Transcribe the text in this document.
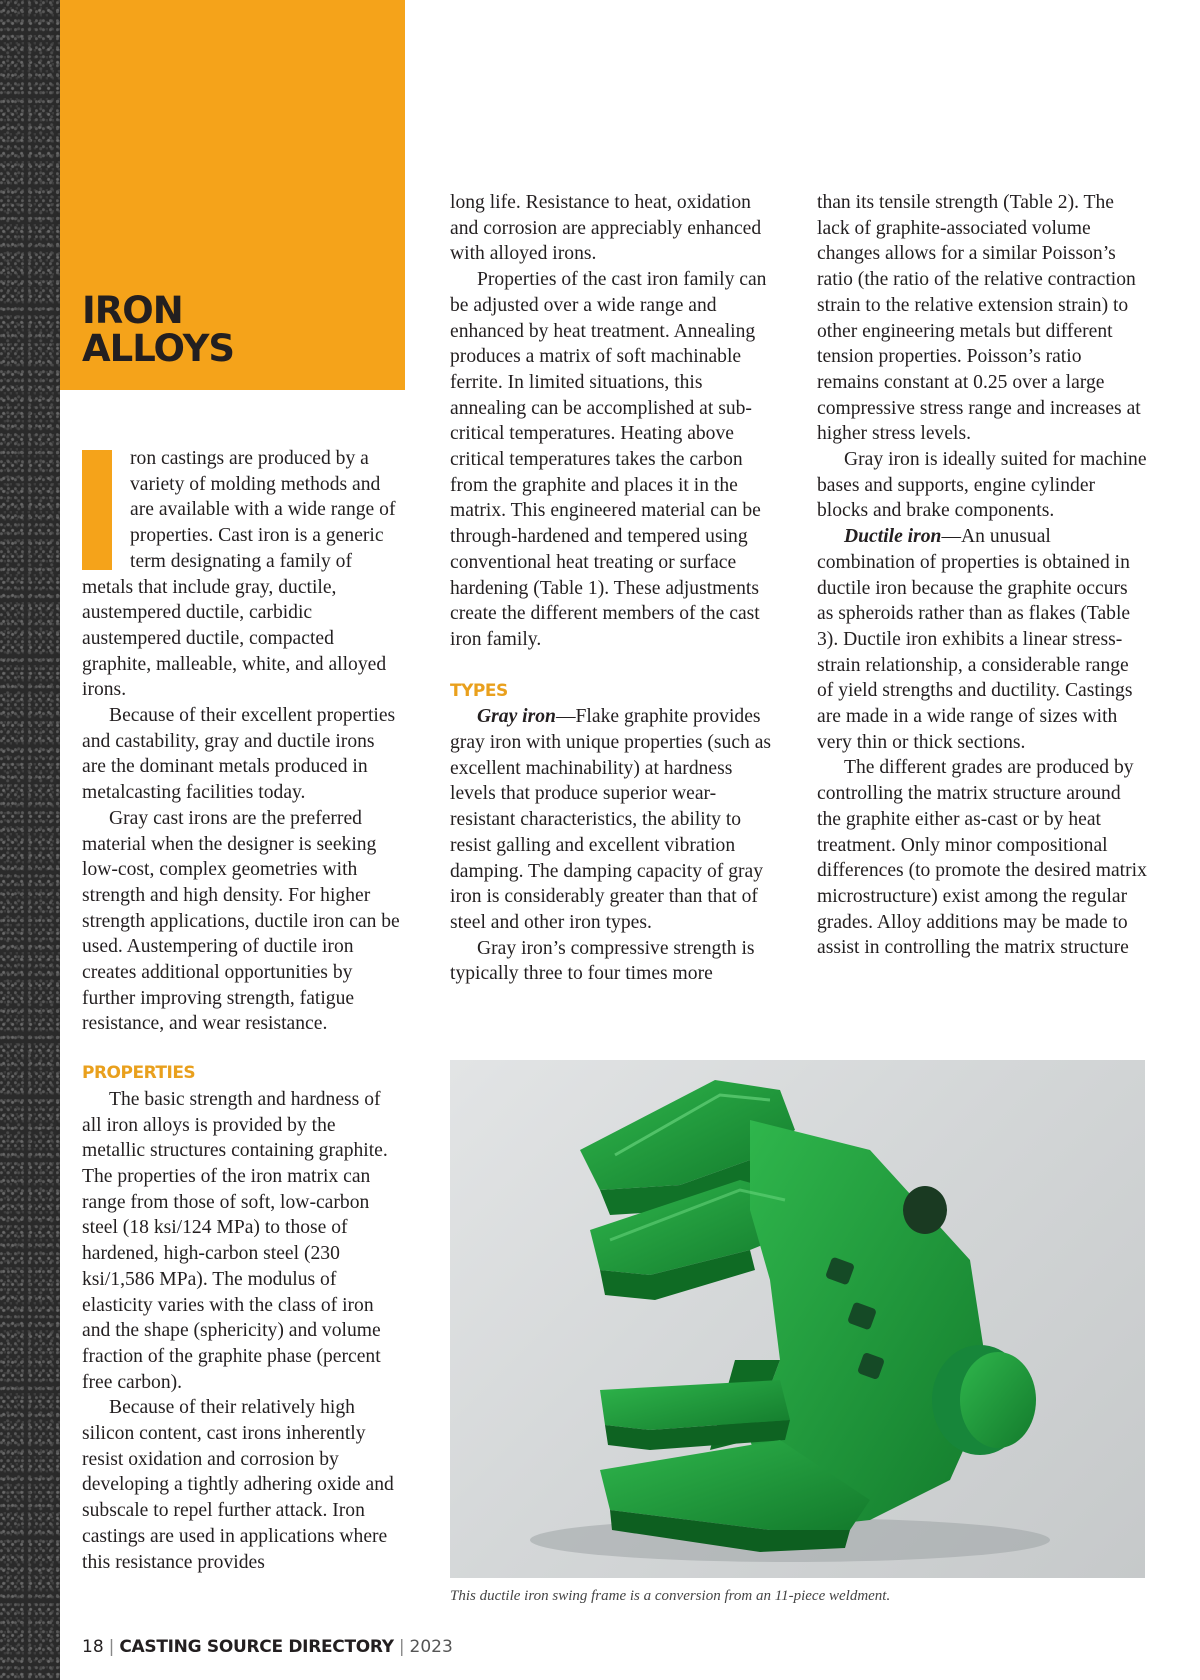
IRON
ALLOYS

ron castings are produced by a variety of molding methods and are available with a wide range of properties. Cast iron is a generic term designating a family of metals that include gray, ductile, austempered ductile, carbidic austempered ductile, compacted graphite, malleable, white, and alloyed irons.

Because of their excellent properties and castability, gray and ductile irons are the dominant metals produced in metalcasting facilities today.

Gray cast irons are the preferred material when the designer is seeking low-cost, complex geometries with strength and high density. For higher strength applications, ductile iron can be used. Austempering of ductile iron creates additional opportunities by further improving strength, fatigue resistance, and wear resistance.

PROPERTIES

The basic strength and hardness of all iron alloys is provided by the metallic structures containing graphite. The properties of the iron matrix can range from those of soft, low-carbon steel (18 ksi/124 MPa) to those of hardened, high-carbon steel (230 ksi/1,586 MPa). The modulus of elasticity varies with the class of iron and the shape (sphericity) and volume fraction of the graphite phase (percent free carbon).

Because of their relatively high silicon content, cast irons inherently resist oxidation and corrosion by developing a tightly adhering oxide and subscale to repel further attack. Iron castings are used in applications where this resistance provides

long life. Resistance to heat, oxidation and corrosion are appreciably enhanced with alloyed irons.

Properties of the cast iron family can be adjusted over a wide range and enhanced by heat treatment. Annealing produces a matrix of soft machinable ferrite. In limited situations, this annealing can be accomplished at sub-critical temperatures. Heating above critical temperatures takes the carbon from the graphite and places it in the matrix. This engineered material can be through-hardened and tempered using conventional heat treating or surface hardening (Table 1). These adjustments create the different members of the cast iron family.

TYPES

Gray iron—Flake graphite provides gray iron with unique properties (such as excellent machinability) at hardness levels that produce superior wear-resistant characteristics, the ability to resist galling and excellent vibration damping. The damping capacity of gray iron is considerably greater than that of steel and other iron types.

Gray iron’s compressive strength is typically three to four times more

than its tensile strength (Table 2). The lack of graphite-associated volume changes allows for a similar Poisson’s ratio (the ratio of the relative contraction strain to the relative extension strain) to other engineering metals but different tension properties. Poisson’s ratio remains constant at 0.25 over a large compressive stress range and increases at higher stress levels.

Gray iron is ideally suited for machine bases and supports, engine cylinder blocks and brake components.

Ductile iron—An unusual combination of properties is obtained in ductile iron because the graphite occurs as spheroids rather than as flakes (Table 3). Ductile iron exhibits a linear stress-strain relationship, a considerable range of yield strengths and ductility. Castings are made in a wide range of sizes with very thin or thick sections.

The different grades are produced by controlling the matrix structure around the graphite either as-cast or by heat treatment. Only minor compositional differences (to promote the desired matrix microstructure) exist among the regular grades. Alloy additions may be made to assist in controlling the matrix structure

This ductile iron swing frame is a conversion from an 11-piece weldment.
18 | CASTING SOURCE DIRECTORY | 2023
